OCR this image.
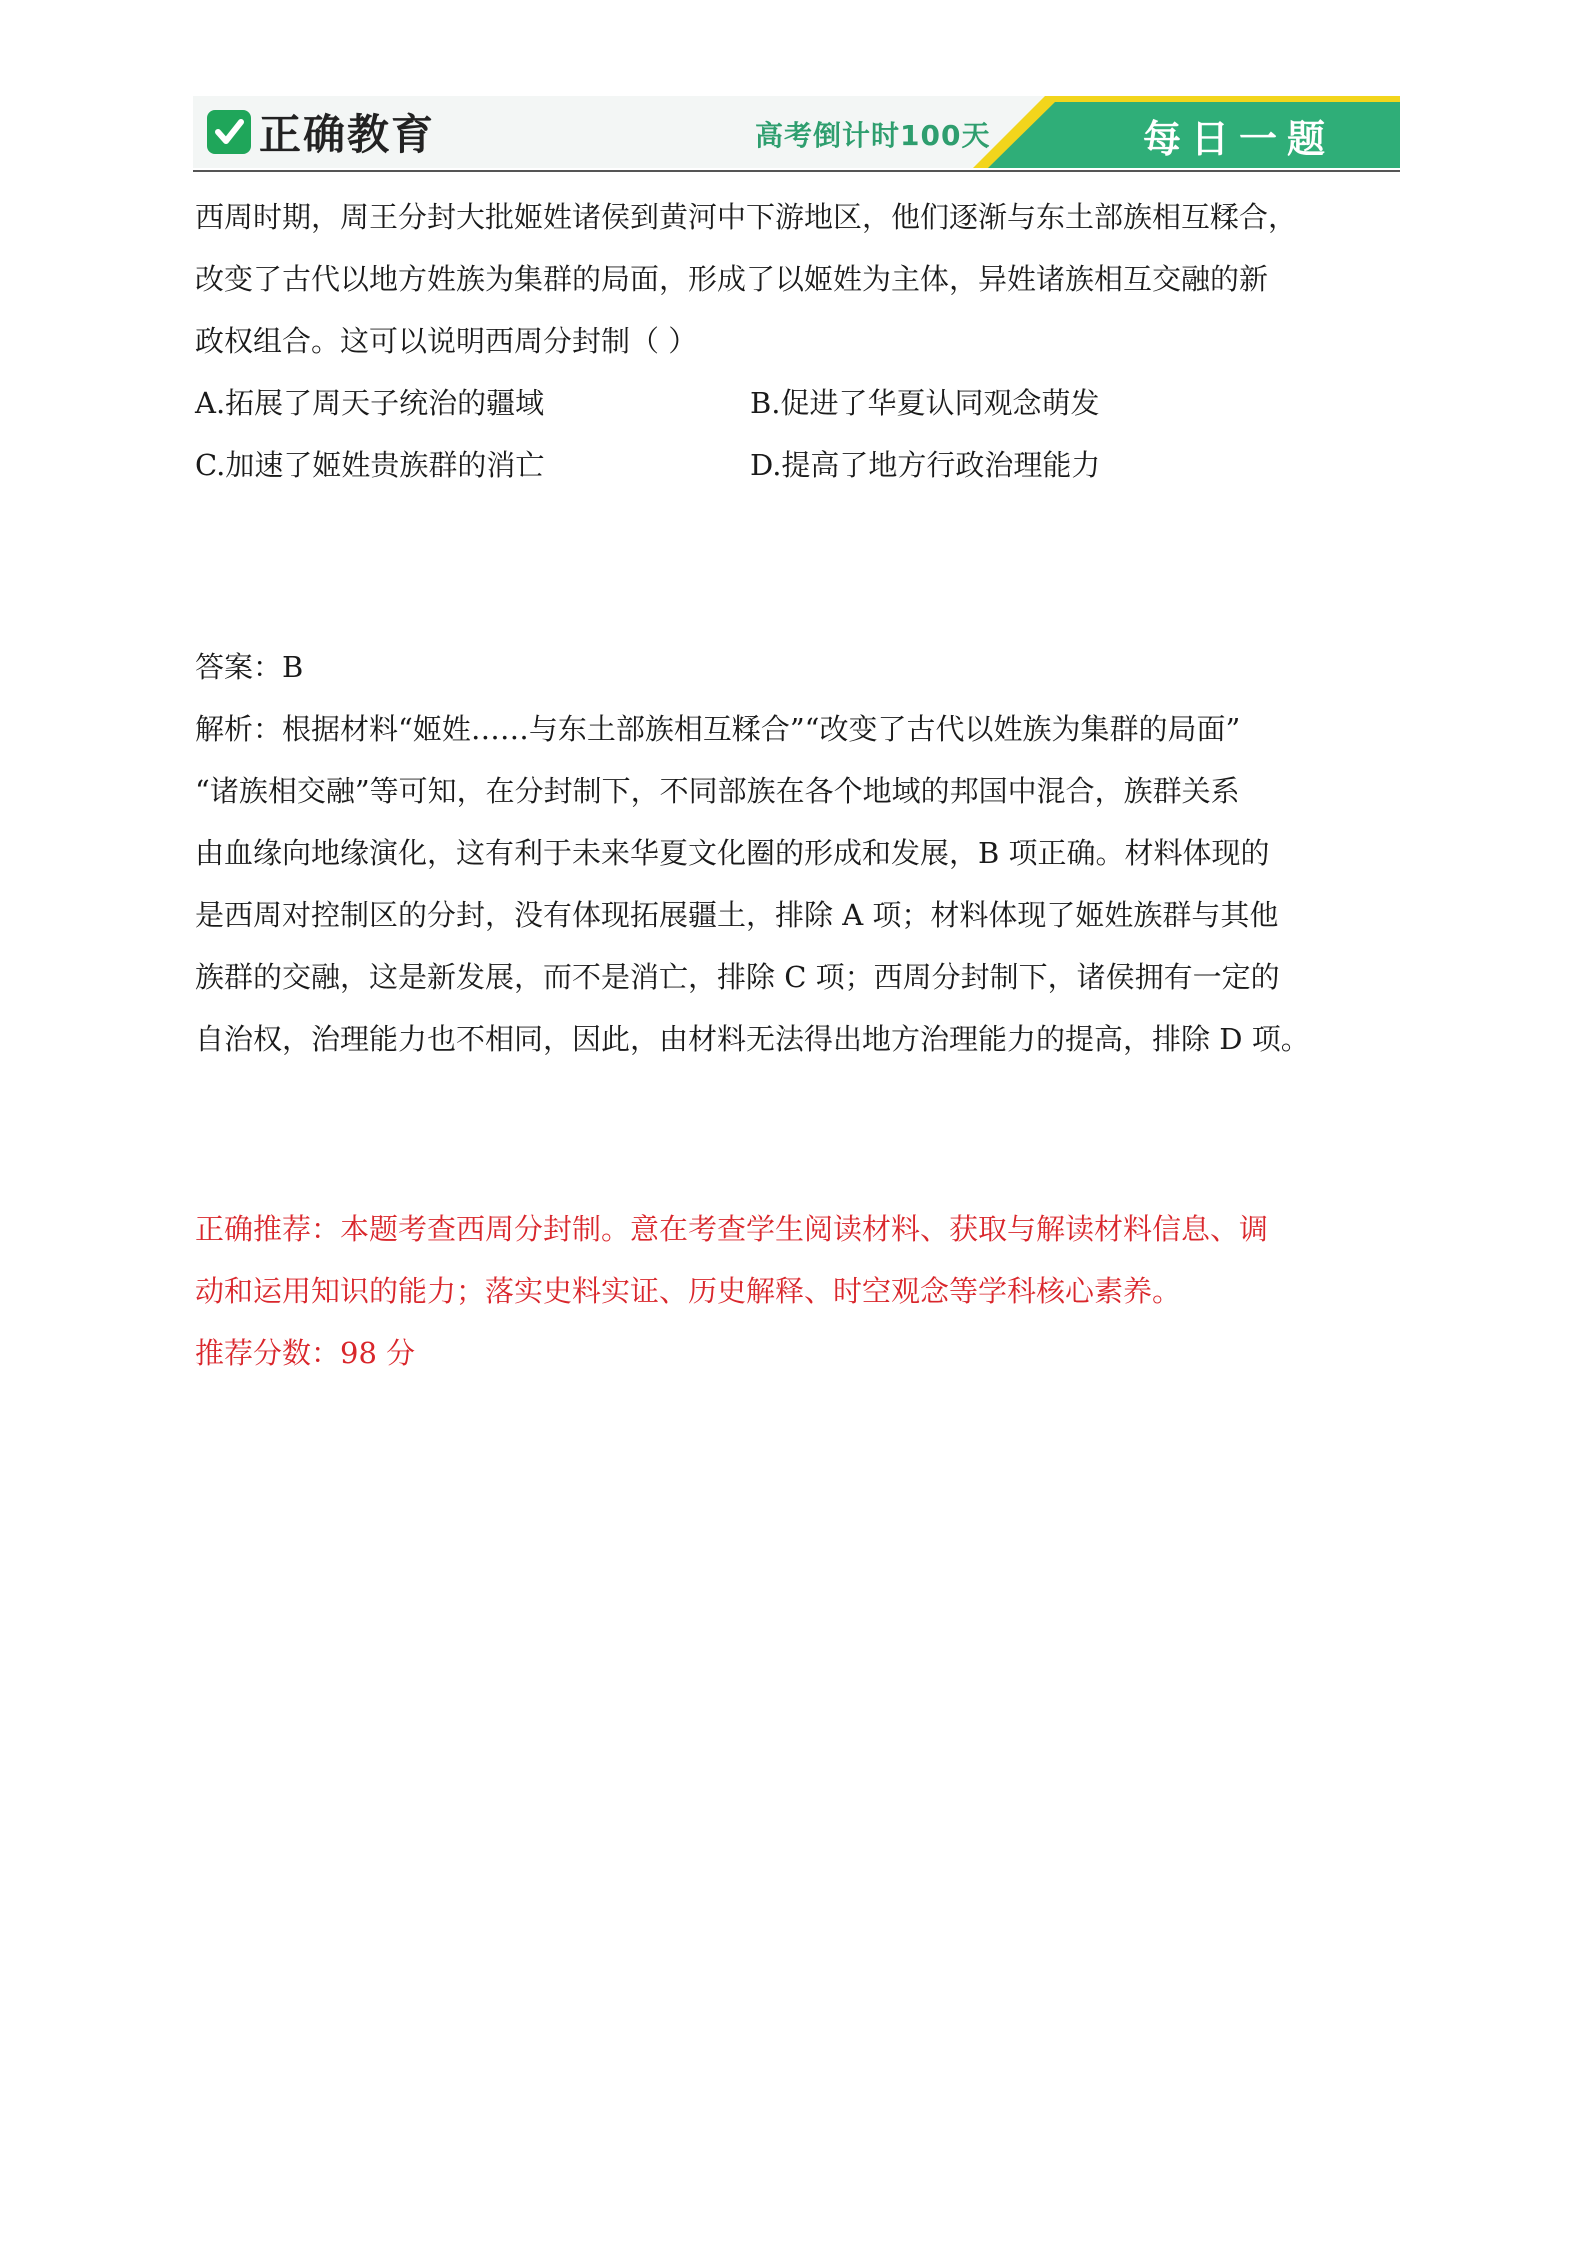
正确教育	高考倒计时100天	每日一题

西周时期，周王分封大批姬姓诸侯到黄河中下游地区，他们逐渐与东土部族相互糅合，

改变了古代以地方姓族为集群的局面，形成了以姬姓为主体，异姓诸族相互交融的新

政权组合。这可以说明西周分封制（ ）

A.拓展了周天子统治的疆域	B.促进了华夏认同观念萌发
C.加速了姬姓贵族群的消亡	D.提高了地方行政治理能力

答案：B

解析：根据材料“姬姓……与东土部族相互糅合”“改变了古代以姓族为集群的局面”

“诸族相交融”等可知，在分封制下，不同部族在各个地域的邦国中混合，族群关系

由血缘向地缘演化，这有利于未来华夏文化圈的形成和发展，B 项正确。材料体现的

是西周对控制区的分封，没有体现拓展疆土，排除 A 项；材料体现了姬姓族群与其他

族群的交融，这是新发展，而不是消亡，排除 C 项；西周分封制下，诸侯拥有一定的

自治权，治理能力也不相同，因此，由材料无法得出地方治理能力的提高，排除 D 项。

正确推荐：本题考查西周分封制。意在考查学生阅读材料、获取与解读材料信息、调

动和运用知识的能力；落实史料实证、历史解释、时空观念等学科核心素养。

推荐分数：98 分
